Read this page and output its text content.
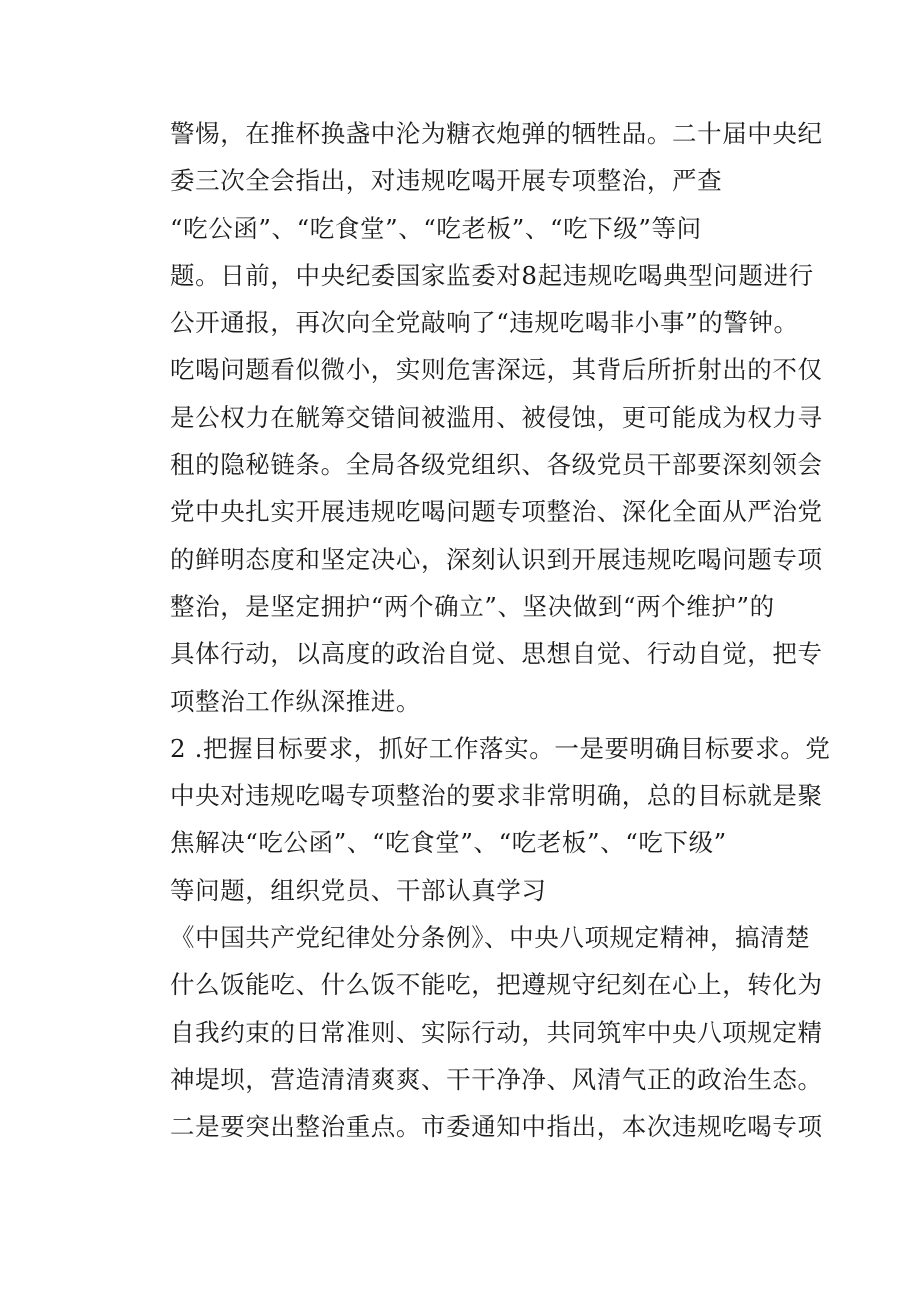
警惕，在推杯换盏中沦为糖衣炮弹的牺牲品。二十届中央纪
委三次全会指出，对违规吃喝开展专项整治，严查
“吃公函”、“吃食堂”、“吃老板”、“吃下级”等问
题。日前，中央纪委国家监委对8起违规吃喝典型问题进行
公开通报，再次向全党敲响了“违规吃喝非小事”的警钟。
吃喝问题看似微小，实则危害深远，其背后所折射出的不仅
是公权力在觥筹交错间被滥用、被侵蚀，更可能成为权力寻
租的隐秘链条。全局各级党组织、各级党员干部要深刻领会
党中央扎实开展违规吃喝问题专项整治、深化全面从严治党
的鲜明态度和坚定决心，深刻认识到开展违规吃喝问题专项
整治，是坚定拥护“两个确立”、坚决做到“两个维护”的
具体行动，以高度的政治自觉、思想自觉、行动自觉，把专
项整治工作纵深推进。
2 .把握目标要求，抓好工作落实。一是要明确目标要求。党
中央对违规吃喝专项整治的要求非常明确，总的目标就是聚
焦解决“吃公函”、“吃食堂”、“吃老板”、“吃下级”
等问题，组织党员、干部认真学习
《中国共产党纪律处分条例》、中央八项规定精神，搞清楚
什么饭能吃、什么饭不能吃，把遵规守纪刻在心上，转化为
自我约束的日常准则、实际行动，共同筑牢中央八项规定精
神堤坝，营造清清爽爽、干干净净、风清气正的政治生态。
二是要突出整治重点。市委通知中指出，本次违规吃喝专项
